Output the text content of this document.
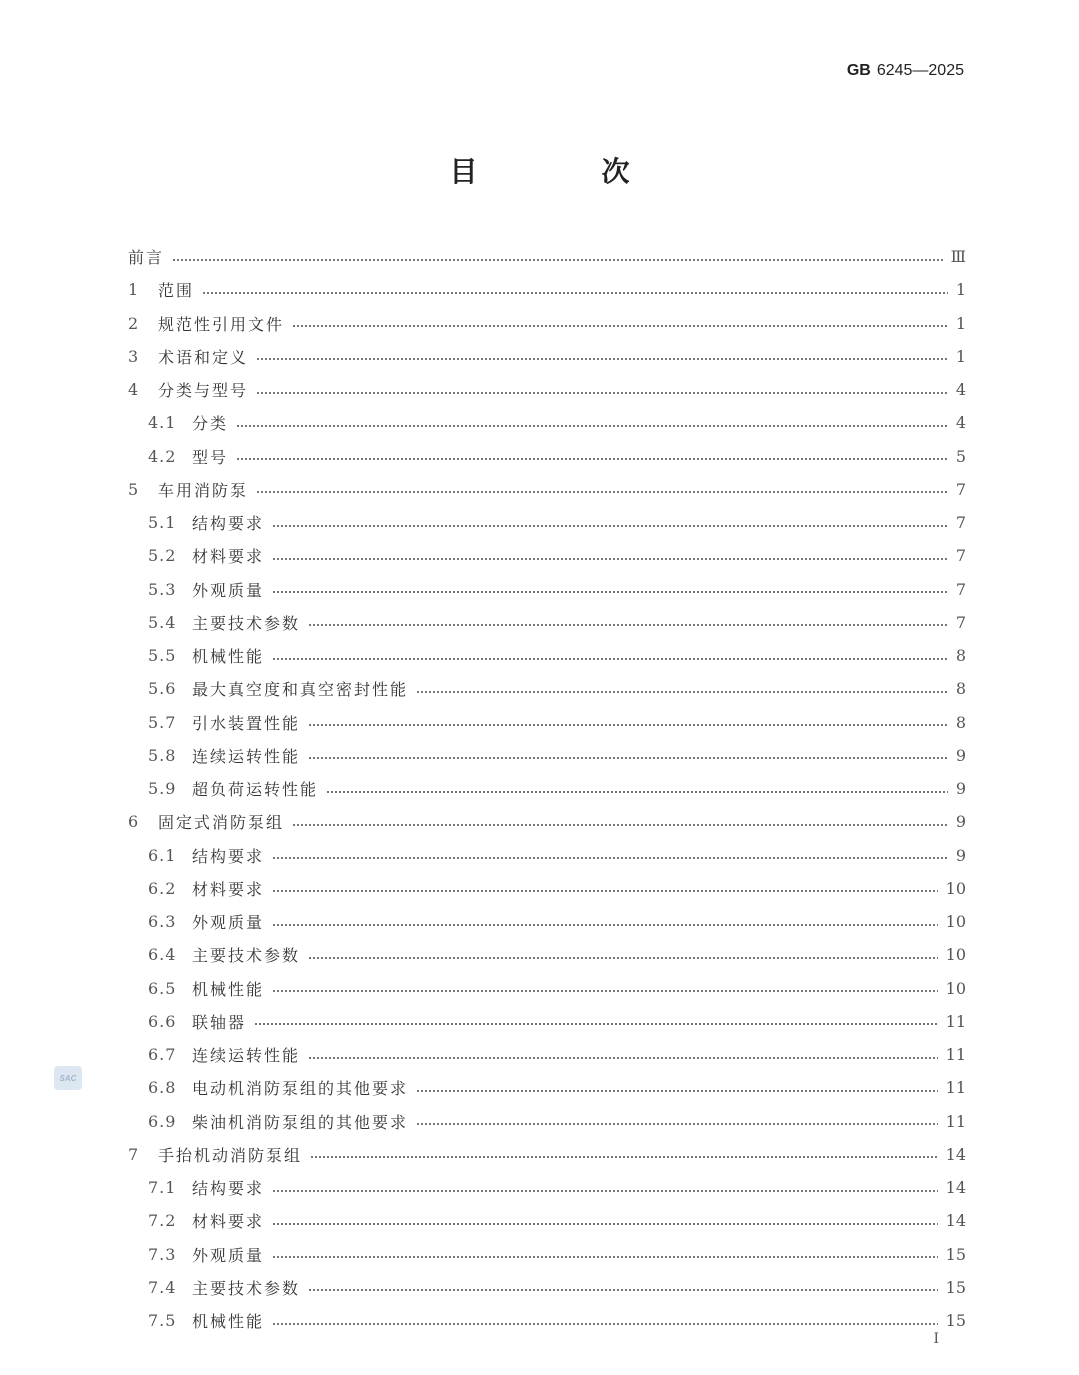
GB 6245—2025
目　次
前言	Ⅲ
1	范围	1
2	规范性引用文件	1
3	术语和定义	1
4	分类与型号	4
4.1 分类	4
4.2 型号	5
5	车用消防泵	7
5.1 结构要求	7
5.2 材料要求	7
5.3 外观质量	7
5.4 主要技术参数	7
5.5 机械性能	8
5.6 最大真空度和真空密封性能	8
5.7 引水装置性能	8
5.8 连续运转性能	9
5.9 超负荷运转性能	9
6	固定式消防泵组	9
6.1 结构要求	9
6.2 材料要求	10
6.3 外观质量	10
6.4 主要技术参数	10
6.5 机械性能	10
6.6 联轴器	11
6.7 连续运转性能	11
6.8 电动机消防泵组的其他要求	11
6.9 柴油机消防泵组的其他要求	11
7	手抬机动消防泵组	14
7.1 结构要求	14
7.2 材料要求	14
7.3 外观质量	15
7.4 主要技术参数	15
7.5 机械性能	15
SAC
I
